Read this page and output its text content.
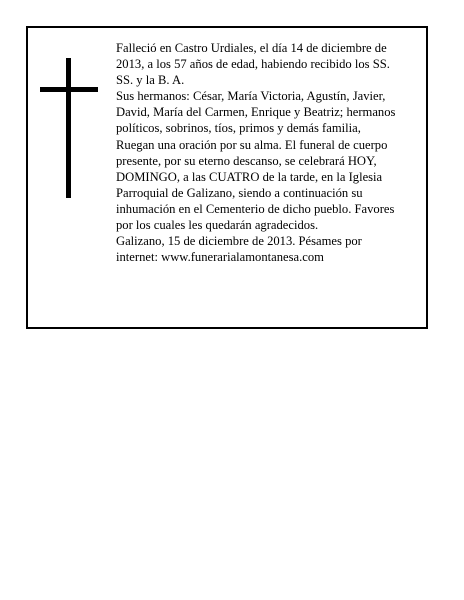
Falleció en Castro Urdiales, el día 14 de diciembre de
2013, a los 57 años de edad, habiendo recibido los SS.
SS. y la B. A.
Sus hermanos: César, María Victoria, Agustín, Javier,
David, María del Carmen, Enrique y Beatriz; hermanos
políticos, sobrinos, tíos, primos y demás familia,
Ruegan una oración por su alma. El funeral de cuerpo
presente, por su eterno descanso, se celebrará HOY,
DOMINGO, a las CUATRO de la tarde, en la Iglesia
Parroquial de Galizano, siendo a continuación su
inhumación en el Cementerio de dicho pueblo. Favores
por los cuales les quedarán agradecidos.
Galizano, 15 de diciembre de 2013. Pésames por
internet: www.funerarialamontanesa.com
